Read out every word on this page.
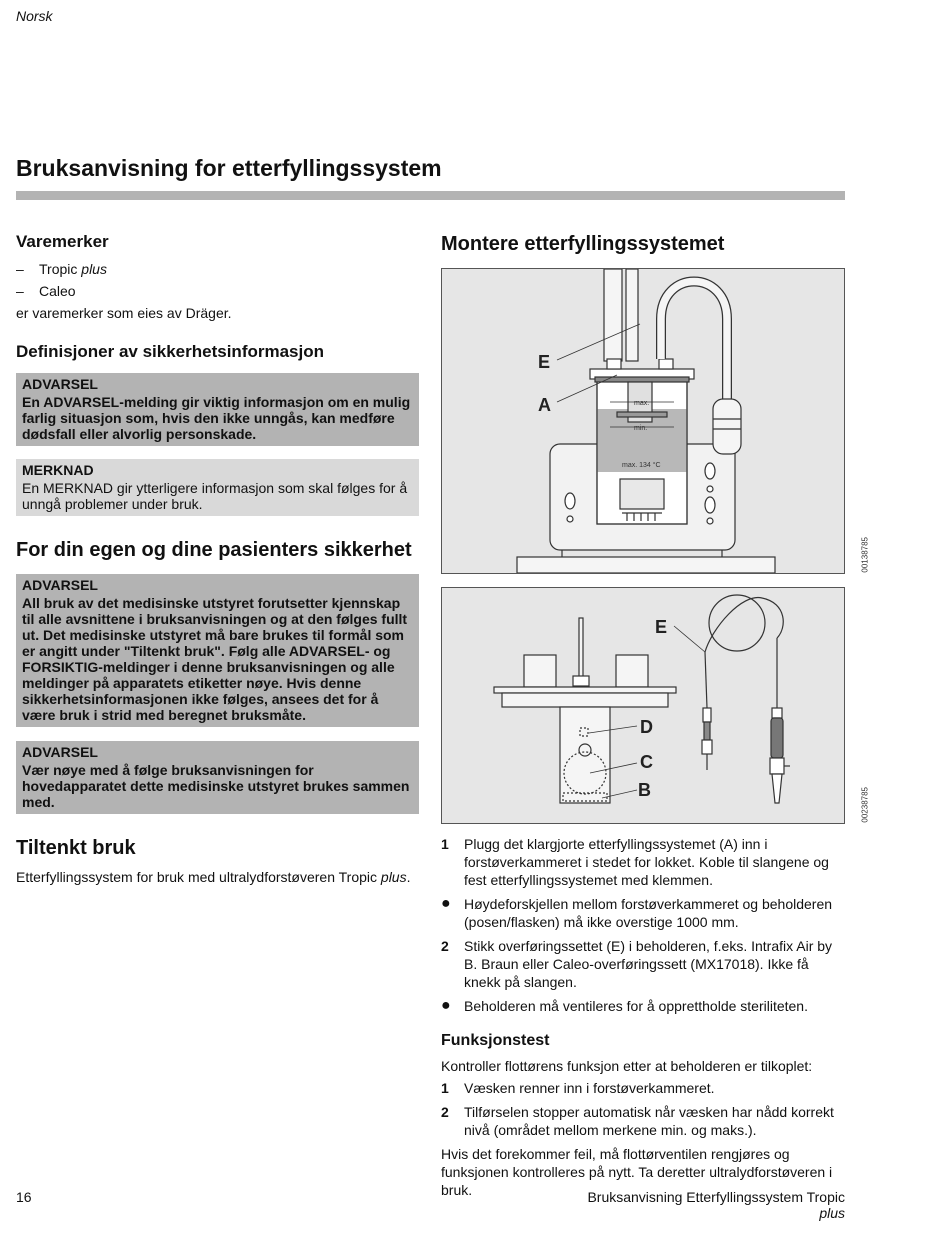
Norsk
Bruksanvisning for etterfyllingssystem
Varemerker
–	Tropic plus
–	Caleo

er varemerker som eies av Dräger.

Definisjoner av sikkerhetsinformasjon
ADVARSEL
En ADVARSEL-melding gir viktig informasjon om en mulig farlig situasjon som, hvis den ikke unngås, kan medføre dødsfall eller alvorlig personskade.
MERKNAD
En MERKNAD gir ytterligere informasjon som skal følges for å unngå problemer under bruk.
For din egen og dine pasienters sikkerhet
ADVARSEL
All bruk av det medisinske utstyret forutsetter kjennskap til alle avsnittene i bruksanvisningen og at den følges fullt ut. Det medisinske utstyret må bare brukes til formål som er angitt under "Tiltenkt bruk". Følg alle ADVARSEL- og FORSIKTIG-meldinger i denne bruksanvisningen og alle meldinger på apparatets etiketter nøye. Hvis denne sikkerhetsinformasjonen ikke følges, ansees det for å være bruk i strid med beregnet bruksmåte.
ADVARSEL
Vær nøye med å følge bruksanvisningen for hovedapparatet dette medisinske utstyret brukes sammen med.
Tiltenkt bruk

Etterfyllingssystem for bruk med ultralydforstøveren Tropic plus.

Montere etterfyllingssystemet
E
A	max.
min.
max. 134 °C
00138785
E
D
C
B	00238785
1	Plugg det klargjorte etterfyllingssystemet (A) inn i forstøverkammeret i stedet for lokket. Koble til slangene og fest etterfyllingssystemet med klemmen.
● Høydeforskjellen mellom forstøverkammeret og beholderen (posen/flasken) må ikke overstige 1000 mm.
2	Stikk overføringssettet (E) i beholderen, f.eks. Intrafix Air by B. Braun eller Caleo-overføringssett (MX17018). Ikke få knekk på slangen.
● Beholderen må ventileres for å opprettholde steriliteten.
Funksjonstest

Kontroller flottørens funksjon etter at beholderen er tilkoplet:

1	Væsken renner inn i forstøverkammeret.
2	Tilførselen stopper automatisk når væsken har nådd korrekt nivå (området mellom merkene min. og maks.).

Hvis det forekommer feil, må flottørventilen rengjøres og funksjonen kontrolleres på nytt. Ta deretter ultralydforstøveren i bruk.

16	Bruksanvisning Etterfyllingssystem Tropic plus
